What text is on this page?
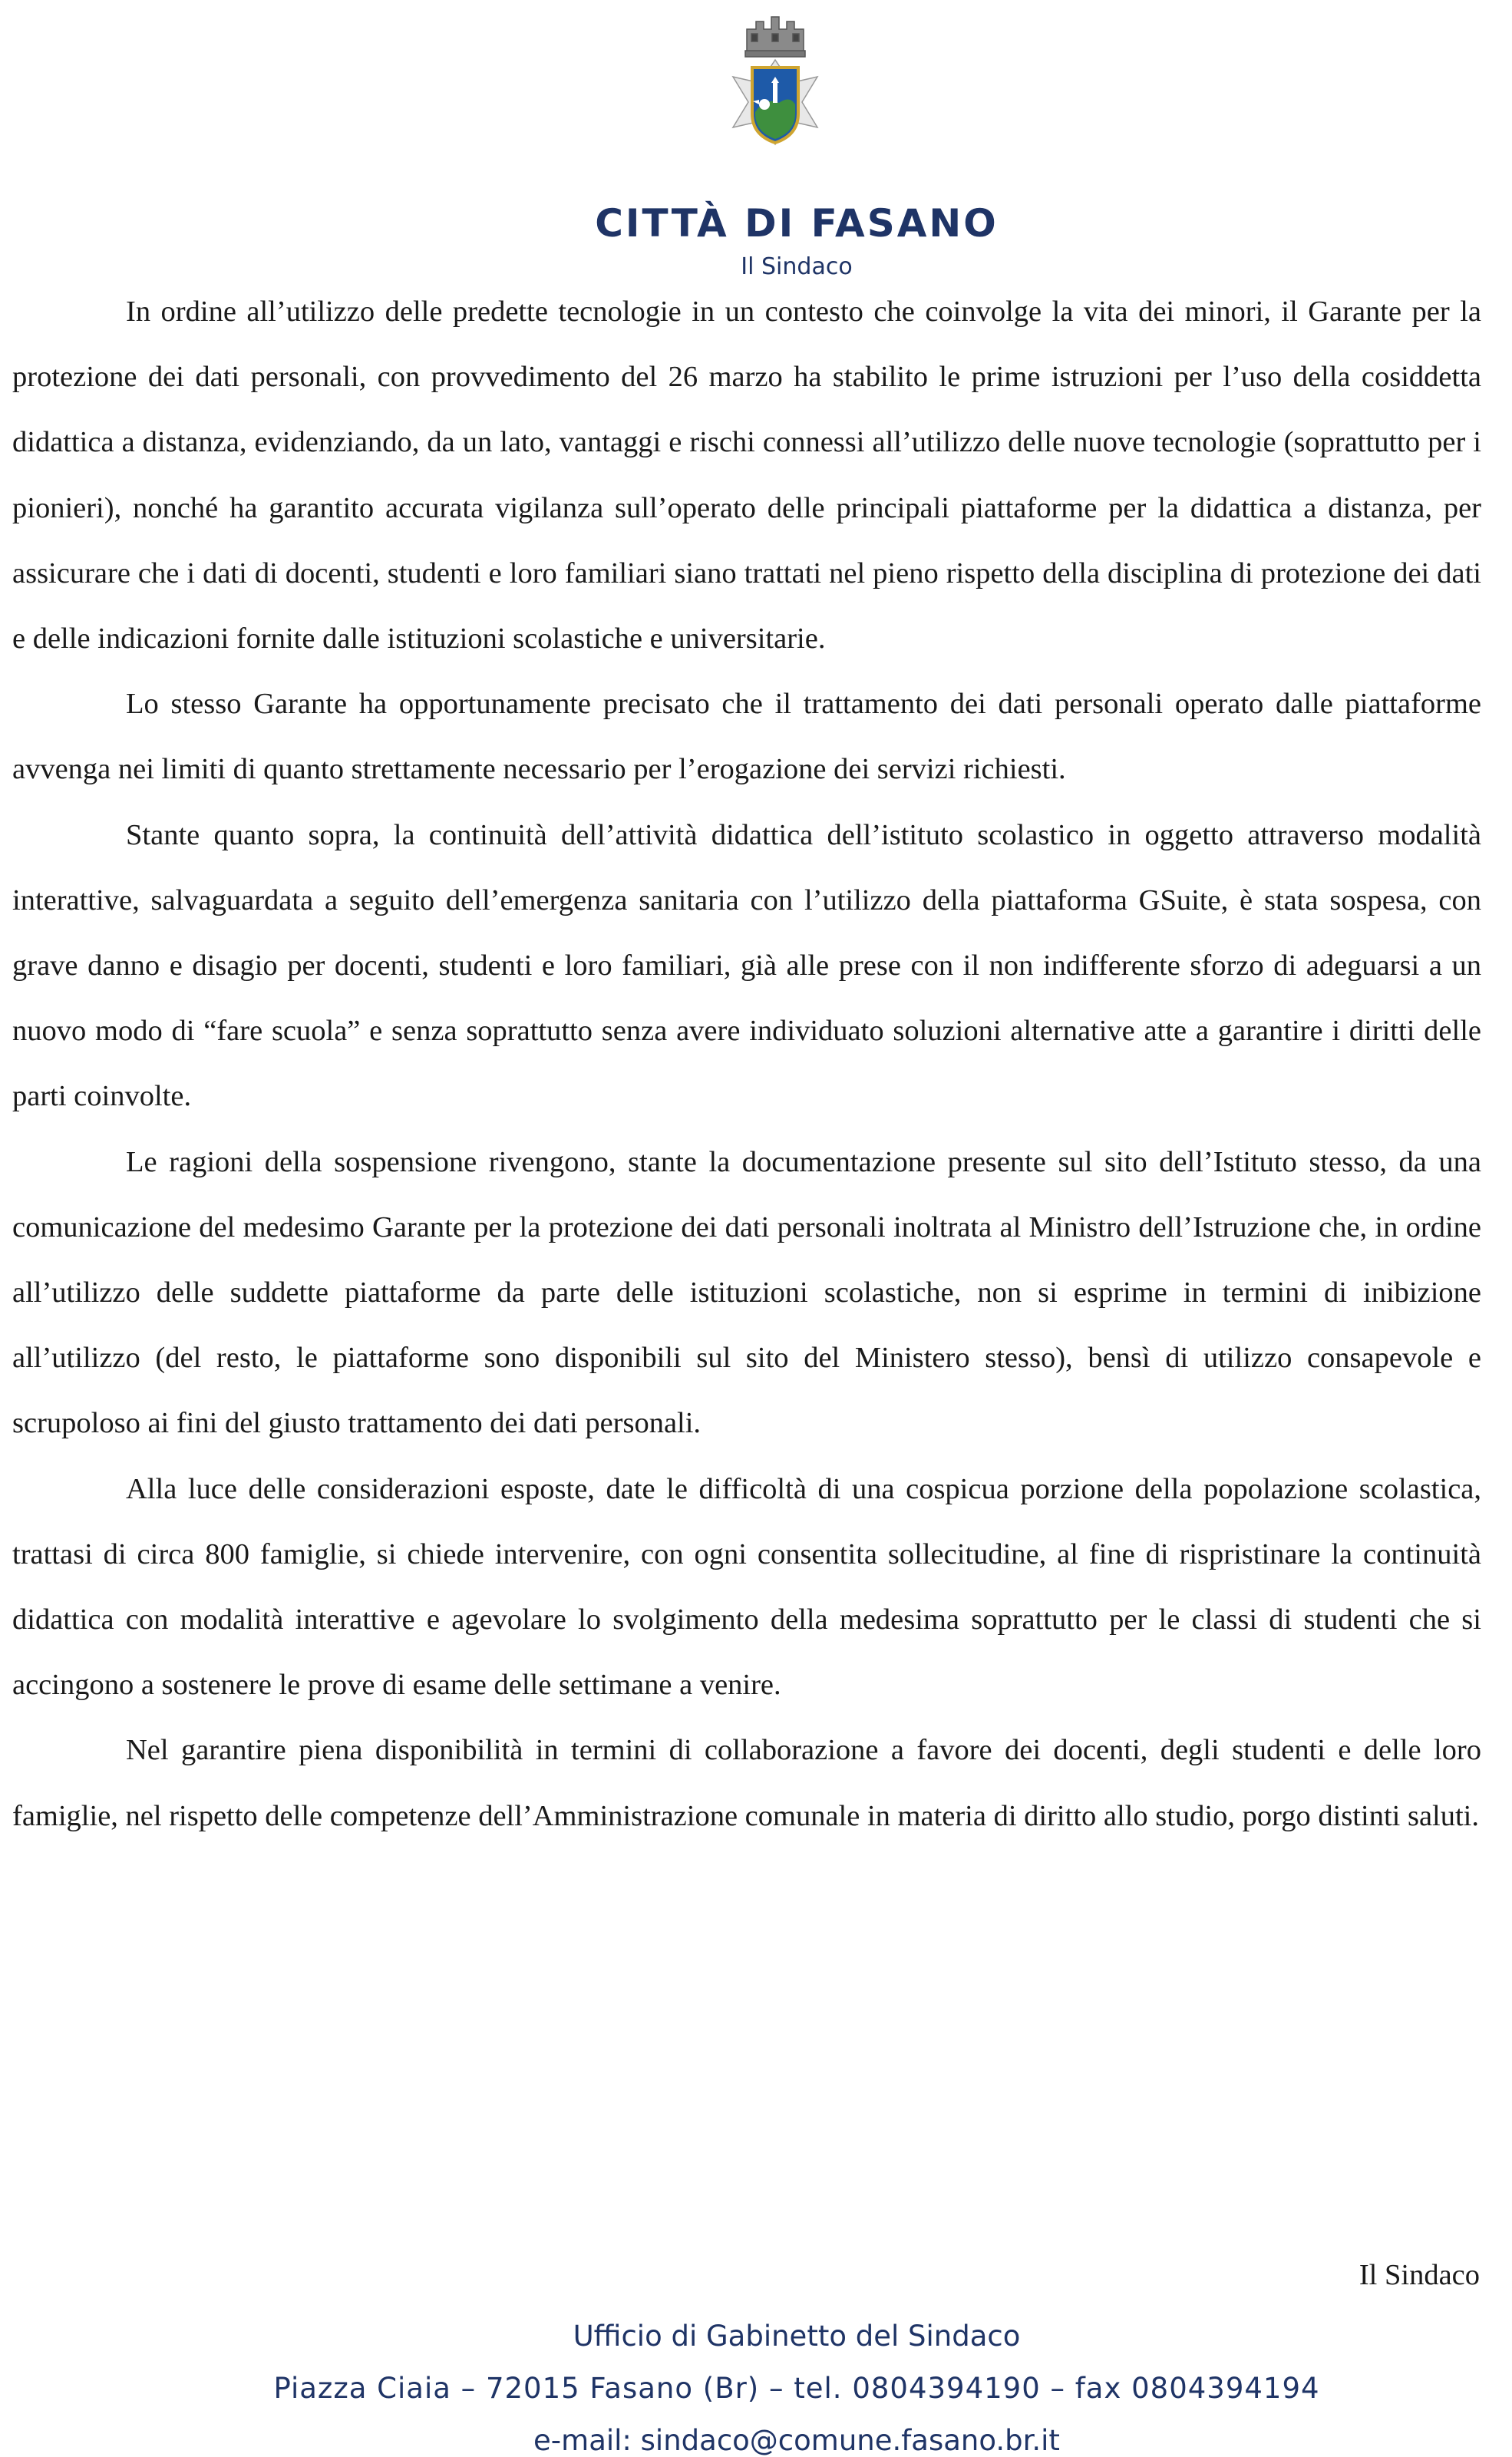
CITTÀ DI FASANO
Il Sindaco

In ordine all’utilizzo delle predette tecnologie in un contesto che coinvolge la vita dei minori, il Garante per la protezione dei dati personali, con provvedimento del 26 marzo ha stabilito le prime istruzioni per l’uso della cosiddetta didattica a distanza, evidenziando, da un lato, vantaggi e rischi connessi all’utilizzo delle nuove tecnologie (soprattutto per i pionieri), nonché ha garantito accurata vigilanza sull’operato delle principali piattaforme per la didattica a distanza, per assicurare che i dati di docenti, studenti e loro familiari siano trattati nel pieno rispetto della disciplina di protezione dei dati e delle indicazioni fornite dalle istituzioni scolastiche e universitarie.

Lo stesso Garante ha opportunamente precisato che il trattamento dei dati personali operato dalle piattaforme avvenga nei limiti di quanto strettamente necessario per l’erogazione dei servizi richiesti.

Stante quanto sopra, la continuità dell’attività didattica dell’istituto scolastico in oggetto attraverso modalità interattive, salvaguardata a seguito dell’emergenza sanitaria con l’utilizzo della piattaforma GSuite, è stata sospesa, con grave danno e disagio per docenti, studenti e loro familiari, già alle prese con il non indifferente sforzo di adeguarsi a un nuovo modo di “fare scuola” e senza soprattutto senza avere individuato soluzioni alternative atte a garantire i diritti delle parti coinvolte.

Le ragioni della sospensione rivengono, stante la documentazione presente sul sito dell’Istituto stesso, da una comunicazione del medesimo Garante per la protezione dei dati personali inoltrata al Ministro dell’Istruzione che, in ordine all’utilizzo delle suddette piattaforme da parte delle istituzioni scolastiche, non si esprime in termini di inibizione all’utilizzo (del resto, le piattaforme sono disponibili sul sito del Ministero stesso), bensì di utilizzo consapevole e scrupoloso ai fini del giusto trattamento dei dati personali.

Alla luce delle considerazioni esposte, date le difficoltà di una cospicua porzione della popolazione scolastica, trattasi di circa 800 famiglie, si chiede intervenire, con ogni consentita sollecitudine, al fine di rispristinare la continuità didattica con modalità interattive e agevolare lo svolgimento della medesima soprattutto per le classi di studenti che si accingono a sostenere le prove di esame delle settimane a venire.

Nel garantire piena disponibilità in termini di collaborazione a favore dei docenti, degli studenti e delle loro famiglie, nel rispetto delle competenze dell’Amministrazione comunale in materia di diritto allo studio, porgo distinti saluti.

Il Sindaco
Ufficio di Gabinetto del Sindaco
Piazza Ciaia – 72015 Fasano (Br) – tel. 0804394190 – fax 0804394194
e-mail: sindaco@comune.fasano.br.it
